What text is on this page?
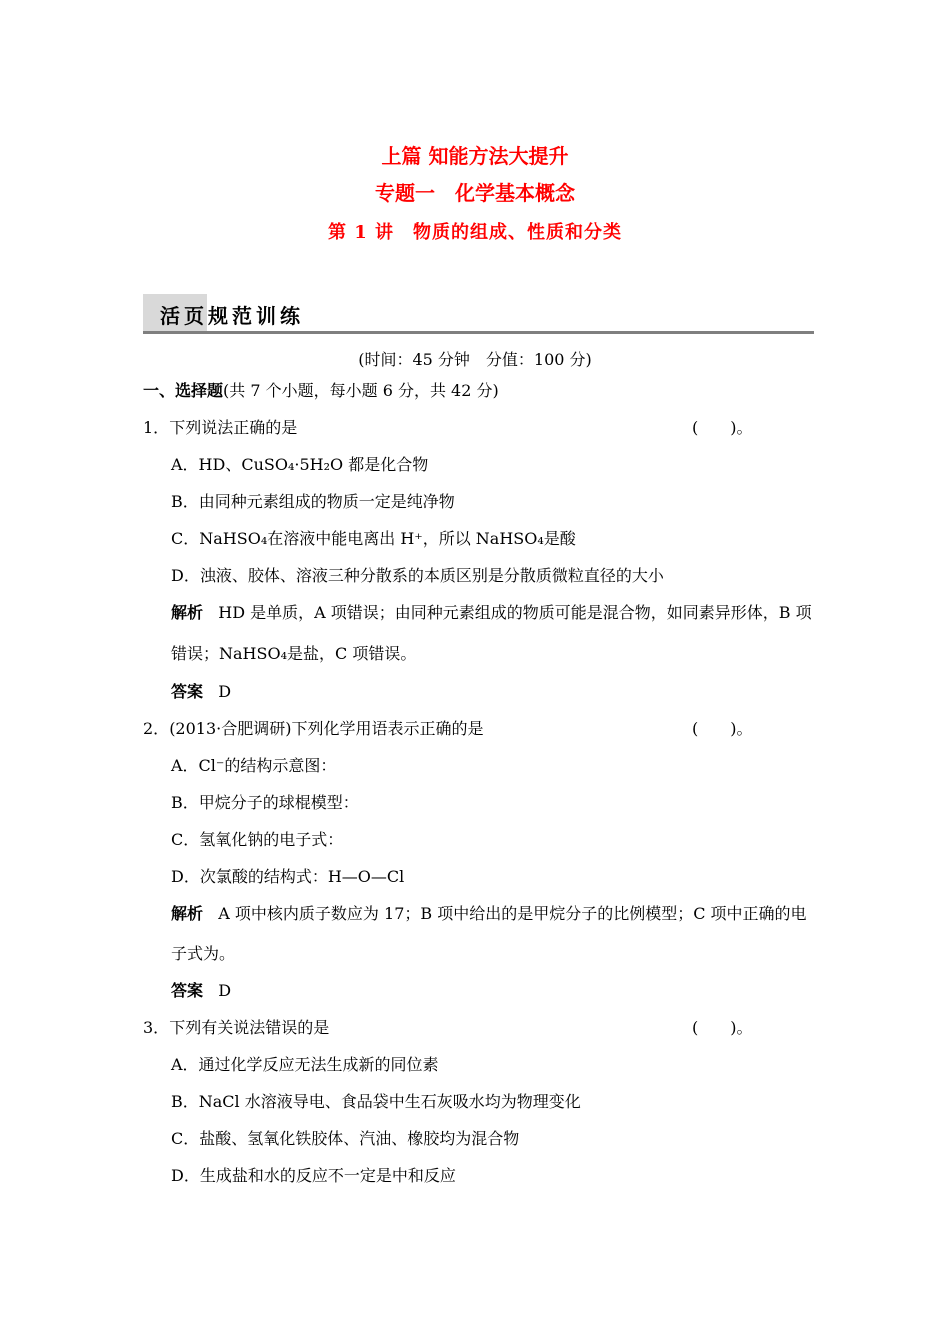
上篇 知能方法大提升
专题一　化学基本概念
第 1 讲　物质的组成、性质和分类
活页规范训练
(时间：45 分钟　分值：100 分)
一、选择题(共 7 个小题，每小题 6 分，共 42 分)
1．下列说法正确的是	(　　)。
A．HD、CuSO₄·5H₂O 都是化合物
B．由同种元素组成的物质一定是纯净物
C．NaHSO₄在溶液中能电离出 H⁺，所以 NaHSO₄是酸
D．浊液、胶体、溶液三种分散系的本质区别是分散质微粒直径的大小
解析 HD 是单质，A 项错误；由同种元素组成的物质可能是混合物，如同素异形体，B 项
错误；NaHSO₄是盐，C 项错误。
答案 D
2．(2013·合肥调研)下列化学用语表示正确的是	(　　)。
A．Cl⁻的结构示意图：
B．甲烷分子的球棍模型：
C．氢氧化钠的电子式：
D．次氯酸的结构式：H—O—Cl
解析 A 项中核内质子数应为 17；B 项中给出的是甲烷分子的比例模型；C 项中正确的电
子式为。
答案 D
3．下列有关说法错误的是	(　　)。
A．通过化学反应无法生成新的同位素
B．NaCl 水溶液导电、食品袋中生石灰吸水均为物理变化
C．盐酸、氢氧化铁胶体、汽油、橡胶均为混合物
D．生成盐和水的反应不一定是中和反应
